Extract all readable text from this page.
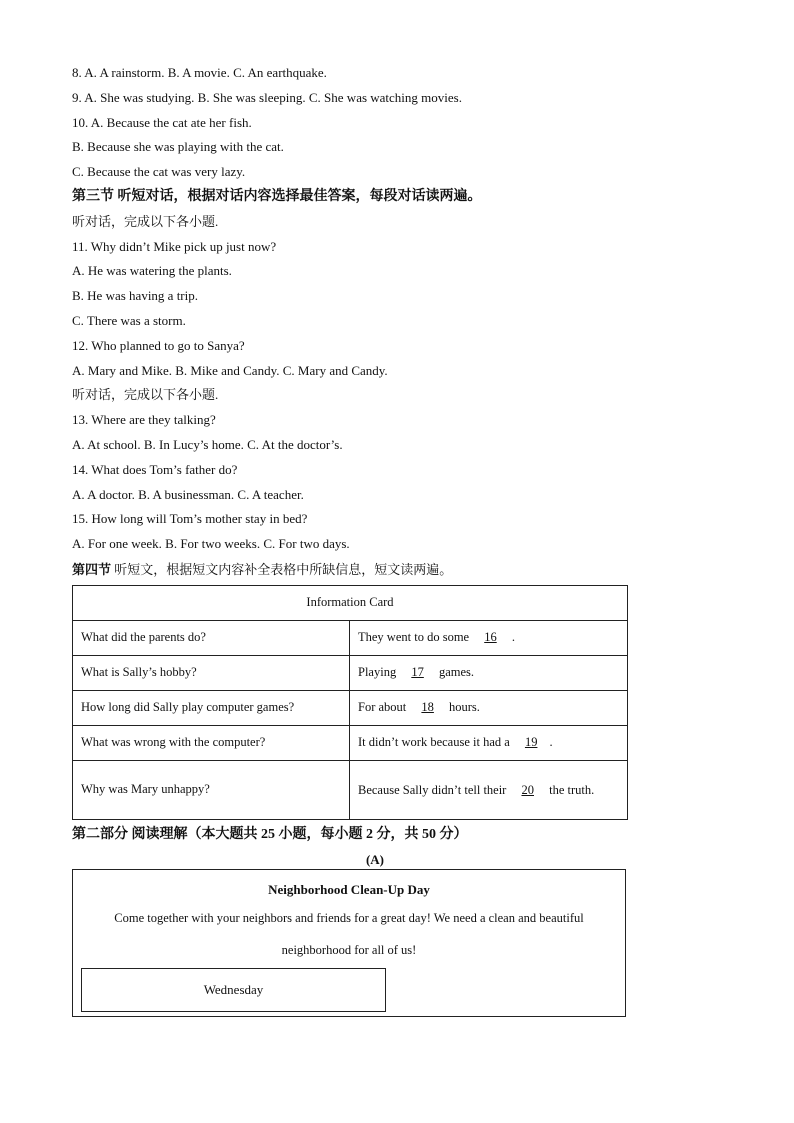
8. A. A rainstorm. B. A movie. C. An earthquake.
9. A. She was studying. B. She was sleeping. C. She was watching movies.
10. A. Because the cat ate her fish.
B. Because she was playing with the cat.
C. Because the cat was very lazy.
第三节 听短对话，根据对话内容选择最佳答案，每段对话读两遍。
听对话，完成以下各小题.
11. Why didn’t Mike pick up just now?
A. He was watering the plants.
B. He was having a trip.
C. There was a storm.
12. Who planned to go to Sanya?
A. Mary and Mike. B. Mike and Candy. C. Mary and Candy.
听对话，完成以下各小题.
13. Where are they talking?
A. At school. B. In Lucy’s home. C. At the doctor’s.
14. What does Tom’s father do?
A. A doctor. B. A businessman. C. A teacher.
15. How long will Tom’s mother stay in bed?
A. For one week. B. For two weeks. C. For two days.
第四节 听短文，根据短文内容补全表格中所缺信息，短文读两遍。
Information Card	
What did the parents do?	They went to do some 16 .
What is Sally’s hobby?	Playing 17 games.
How long did Sally play computer games?	For about 18 hours.
What was wrong with the computer?	It didn’t work because it had a 19 .
Why was Mary unhappy?	Because Sally didn’t tell their 20 the truth.
第二部分 阅读理解（本大题共 25 小题，每小题 2 分，共 50 分）
(A)
Neighborhood Clean-Up Day
Come together with your neighbors and friends for a great day! We need a clean and beautiful neighborhood for all of us!
Wednesday
